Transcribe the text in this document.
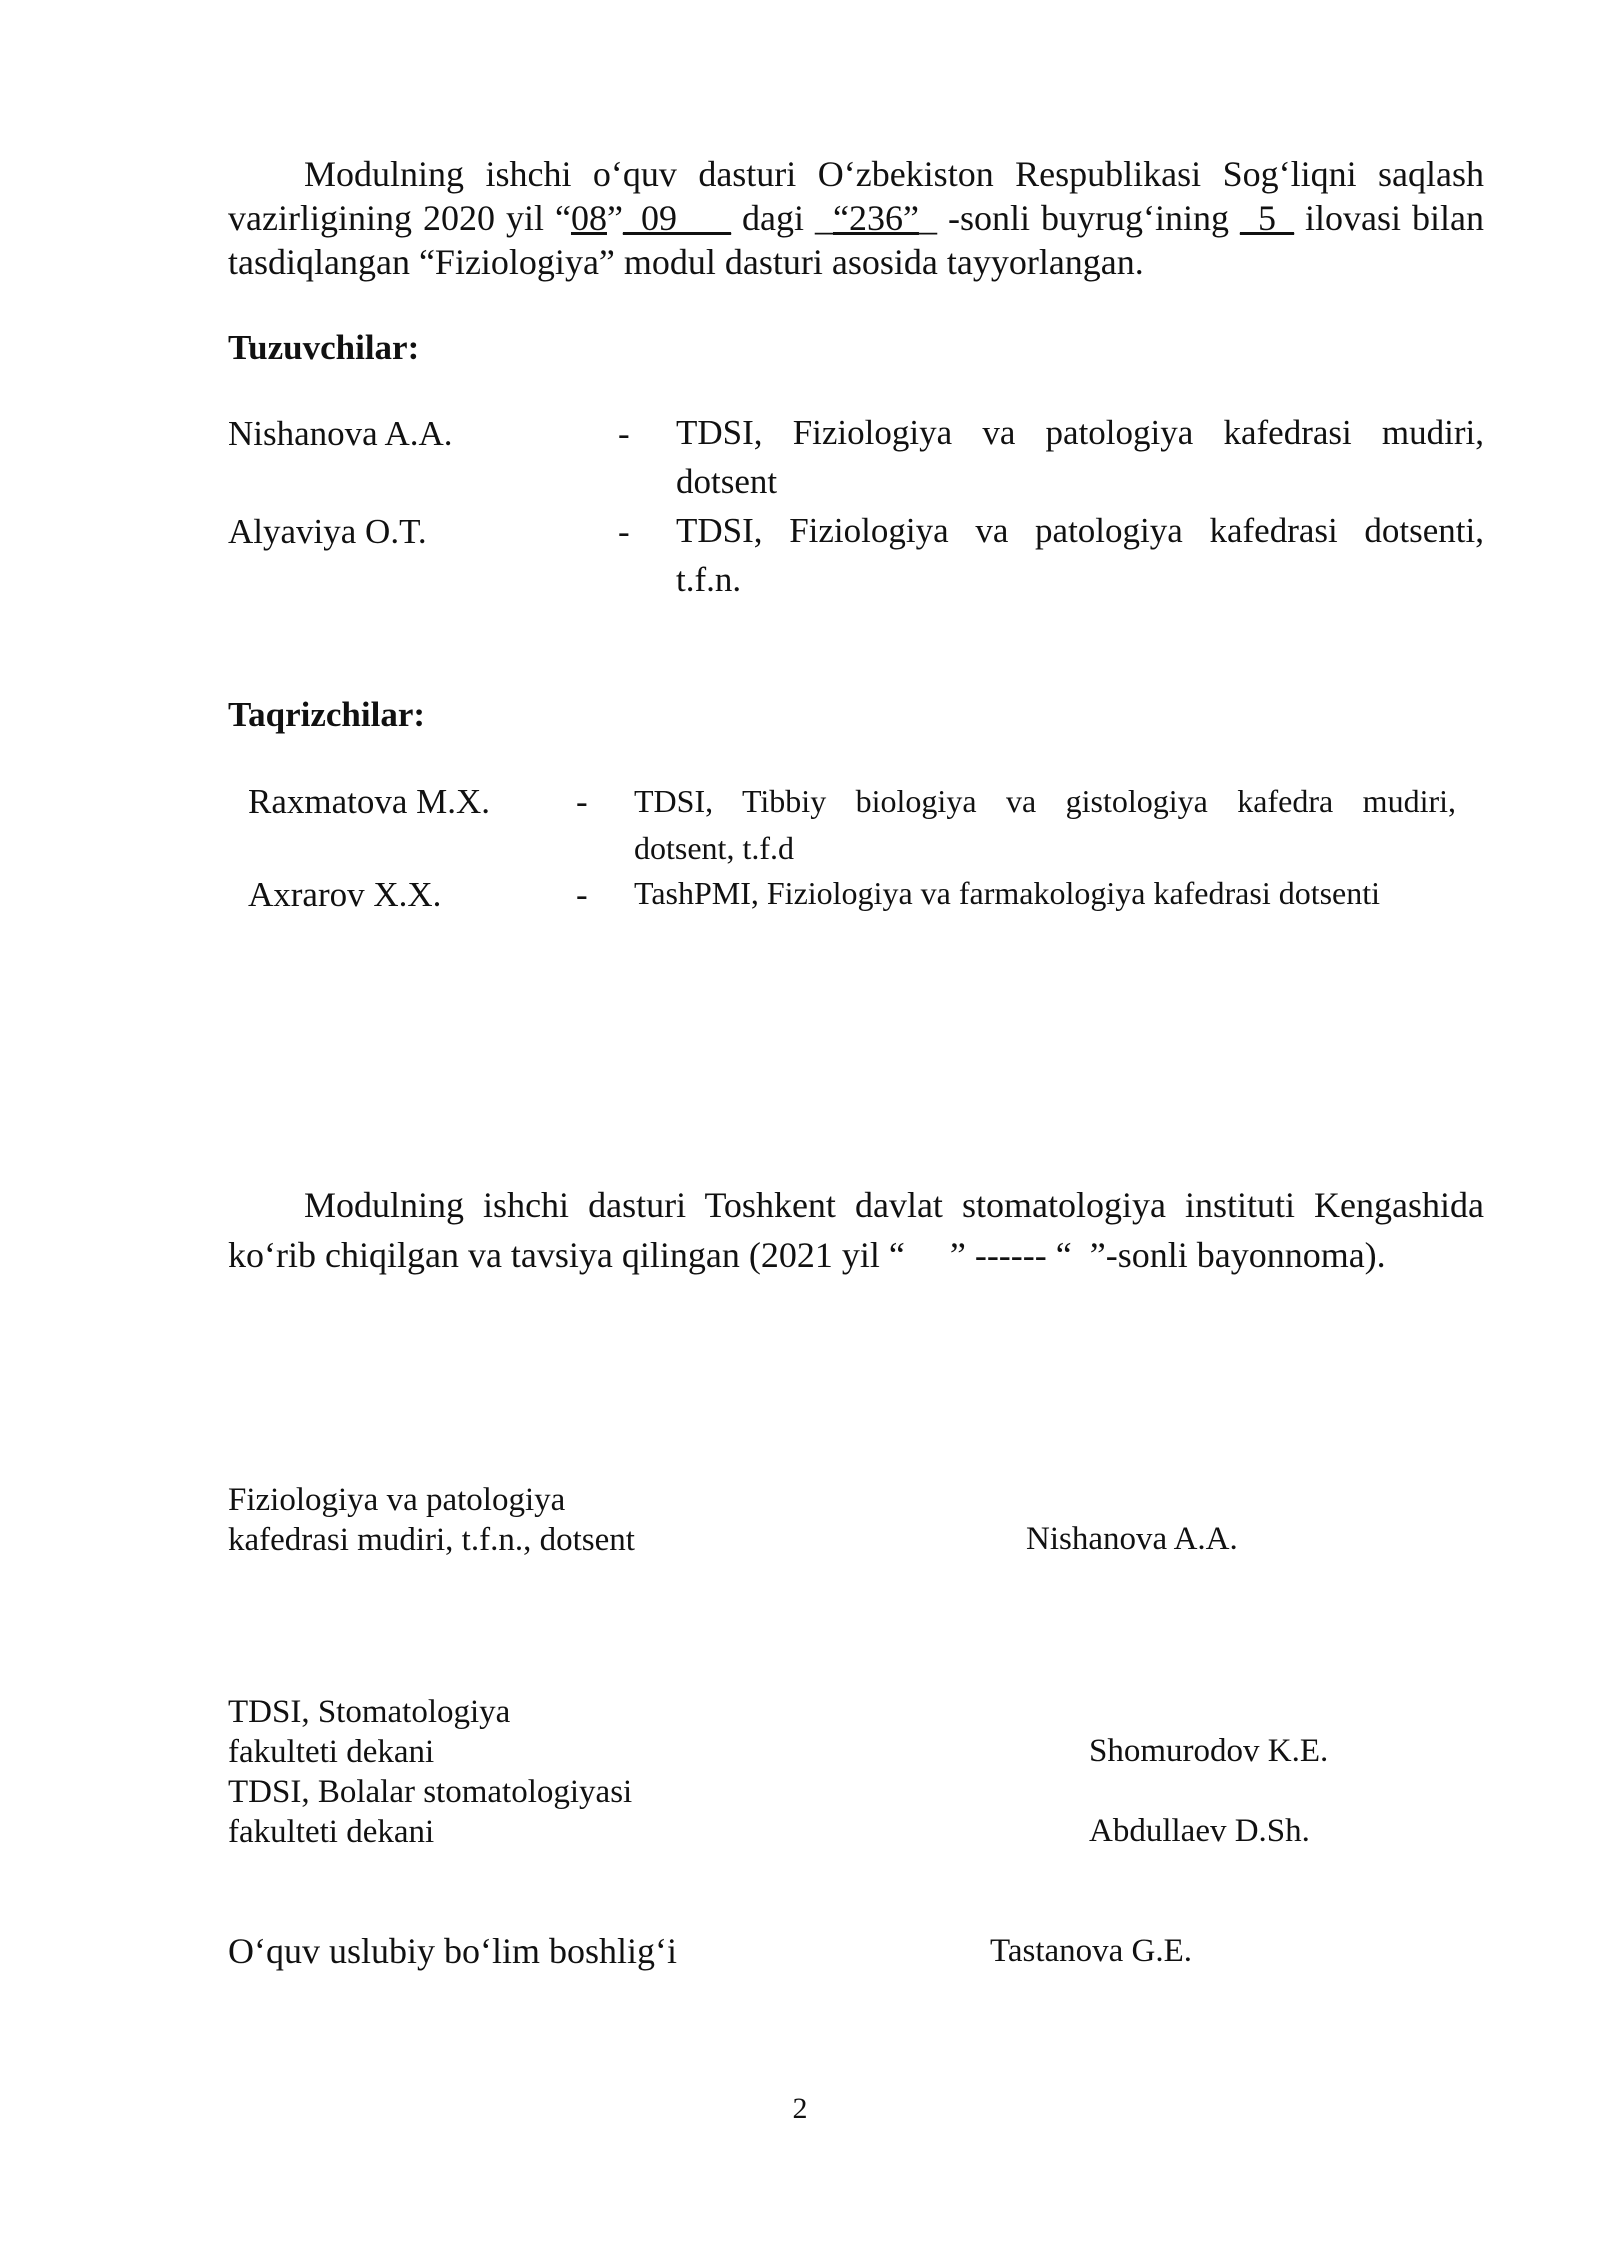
Modulning ishchi o‘quv dasturi O‘zbekiston Respublikasi Sog‘liqni saqlash vazirligining 2020 yil “08”_09___ dagi _“236”_ -sonli buyrug‘ining _5_ ilovasi bilan tasdiqlangan “Fiziologiya” modul dasturi asosida tayyorlangan.
Tuzuvchilar:
Nishanova A.A.	- TDSI, Fiziologiya va patologiya kafedrasi mudiri,
dotsent
Alyaviya O.T.	- TDSI, Fiziologiya va patologiya kafedrasi dotsenti,
t.f.n.
Taqrizchilar:
Raxmatova M.X. - TDSI, Tibbiy biologiya va gistologiya kafedra mudiri,
dotsent, t.f.d
Axrarov X.X.	- TashPMI, Fiziologiya va farmakologiya kafedrasi dotsenti
Modulning ishchi dasturi Toshkent davlat stomatologiya instituti Kengashida ko‘rib chiqilgan va tavsiya qilingan (2021 yil “     ” ------ “  ”-sonli bayonnoma).
Fiziologiya va patologiya
kafedrasi mudiri, t.f.n., dotsent	Nishanova A.A.
TDSI, Stomatologiya
fakulteti dekani	Shomurodov K.E.
TDSI, Bolalar stomatologiyasi
fakulteti dekani	Abdullaev D.Sh.
O‘quv uslubiy bo‘lim boshlig‘i	Tastanova G.E.
2
